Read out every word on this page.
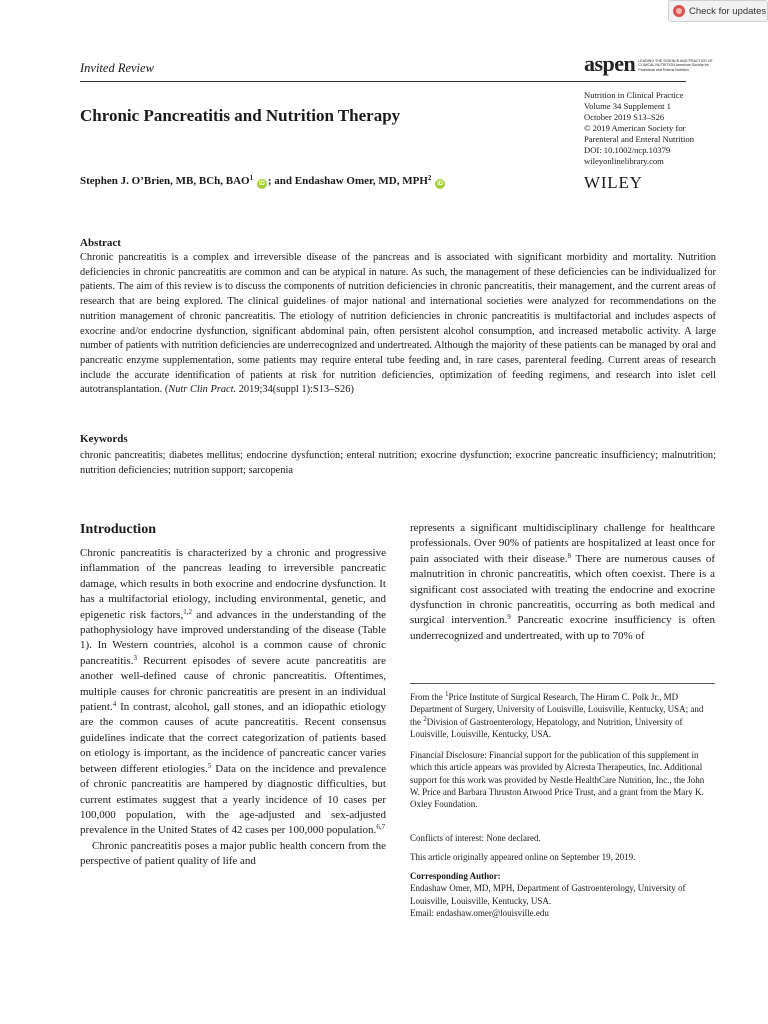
Check for updates
Invited Review	aspen LEADING THE SCIENCE AND PRACTICE OF CLINICAL NUTRITION American Society for Parenteral and Enteral Nutrition
Chronic Pancreatitis and Nutrition Therapy
Nutrition in Clinical Practice
Volume 34 Supplement 1
October 2019 S13–S26
© 2019 American Society for
Parenteral and Enteral Nutrition
DOI: 10.1002/ncp.10379
wileyonlinelibrary.com
WILEY
Stephen J. O’Brien, MB, BCh, BAO$^1$ iD ; and Endashaw Omer, MD, MPH$^2$ iD
Abstract
Chronic pancreatitis is a complex and irreversible disease of the pancreas and is associated with significant morbidity and mortality. Nutrition deficiencies in chronic pancreatitis are common and can be atypical in nature. As such, the management of these deficiencies can be individualized for patients. The aim of this review is to discuss the components of nutrition deficiencies in chronic pancreatitis, their management, and the current areas of research that are being explored. The clinical guidelines of major national and international societies were analyzed for recommendations on the nutrition management of chronic pancreatitis. The etiology of nutrition deficiencies in chronic pancreatitis is multifactorial and includes aspects of exocrine and/or endocrine dysfunction, significant abdominal pain, often persistent alcohol consumption, and increased metabolic activity. A large number of patients with nutrition deficiencies are underrecognized and undertreated. Although the majority of these patients can be managed by oral and pancreatic enzyme supplementation, some patients may require enteral tube feeding and, in rare cases, parenteral feeding. Current areas of research include the accurate identification of patients at risk for nutrition deficiencies, optimization of feeding regimens, and research into islet cell autotransplantation. (Nutr Clin Pract. 2019;34(suppl 1):S13–S26)
Keywords
chronic pancreatitis; diabetes mellitus; endocrine dysfunction; enteral nutrition; exocrine dysfunction; exocrine pancreatic insufficiency; malnutrition; nutrition deficiencies; nutrition support; sarcopenia
Introduction
Chronic pancreatitis is characterized by a chronic and progressive inflammation of the pancreas leading to irreversible pancreatic damage, which results in both exocrine and endocrine dysfunction. It has a multifactorial etiology, including environmental, genetic, and epigenetic risk factors,$^{1,2}$ and advances in the understanding of the pathophysiology have improved understanding of the disease (Table 1). In Western countries, alcohol is a common cause of chronic pancreatitis.$^3$ Recurrent episodes of severe acute pancreatitis are another well-defined cause of chronic pancreatitis. Oftentimes, multiple causes for chronic pancreatitis are present in an individual patient.$^4$ In contrast, alcohol, gall stones, and an idiopathic etiology are the common causes of acute pancreatitis. Recent consensus guidelines indicate that the correct categorization of patients based on etiology is important, as the incidence of pancreatic cancer varies between different etiologies.$^5$ Data on the incidence and prevalence of chronic pancreatitis are hampered by diagnostic difficulties, but current estimates suggest that a yearly incidence of 10 cases per 100,000 population, with the age-adjusted and sex-adjusted prevalence in the United States of 42 cases per 100,000 population.$^{6,7}$
Chronic pancreatitis poses a major public health concern from the perspective of patient quality of life and
represents a significant multidisciplinary challenge for healthcare professionals. Over 90% of patients are hospitalized at least once for pain associated with their disease.$^8$ There are numerous causes of malnutrition in chronic pancreatitis, which often coexist. There is a significant cost associated with treating the endocrine and exocrine dysfunction in chronic pancreatitis, occurring as both medical and surgical intervention.$^9$ Pancreatic exocrine insufficiency is often underrecognized and undertreated, with up to 70% of
From the $^1$Price Institute of Surgical Research, The Hiram C. Polk Jr., MD Department of Surgery, University of Louisville, Louisville, Kentucky, USA; and the $^2$Division of Gastroenterology, Hepatology, and Nutrition, University of Louisville, Louisville, Kentucky, USA.
Financial Disclosure: Financial support for the publication of this supplement in which this article appears was provided by Alcresta Therapeutics, Inc. Additional support for this work was provided by Nestle HealthCare Nutrition, Inc., the John W. Price and Barbara Thruston Atwood Price Trust, and a grant from the Mary K. Oxley Foundation.
Conflicts of interest: None declared.
This article originally appeared online on September 19, 2019.
Corresponding Author:
Endashaw Omer, MD, MPH, Department of Gastroenterology, University of Louisville, Louisville, Kentucky, USA.
Email: endashaw.omer@louisville.edu
